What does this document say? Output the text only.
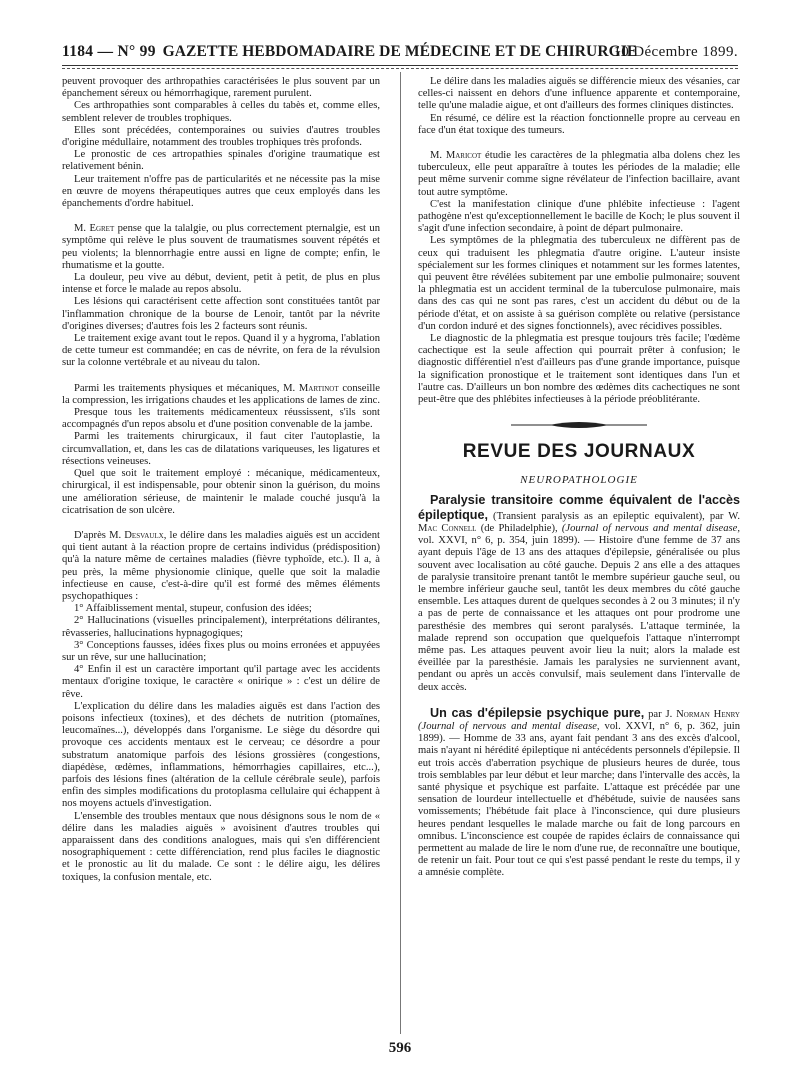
1184 — N° 99 GAZETTE HEBDOMADAIRE DE MÉDECINE ET DE CHIRURGIE
10 Décembre 1899.

peuvent provoquer des arthropathies caractérisées le plus souvent par un épanchement séreux ou hémorrhagique, rarement purulent.

Ces arthropathies sont comparables à celles du tabès et, comme elles, semblent relever de troubles trophiques.

Elles sont précédées, contemporaines ou suivies d'autres troubles d'origine médullaire, notamment des troubles trophiques très profonds.

Le pronostic de ces artropathies spinales d'origine traumatique est relativement bénin.

Leur traitement n'offre pas de particularités et ne nécessite pas la mise en œuvre de moyens thérapeutiques autres que ceux employés dans les épanchements d'ordre habituel.

M. Egret pense que la talalgie, ou plus correctement pternalgie, est un symptôme qui relève le plus souvent de traumatismes souvent répétés et peu violents; la blennorrhagie entre aussi en ligne de compte; enfin, le rhumatisme et la goutte.

La douleur, peu vive au début, devient, petit à petit, de plus en plus intense et force le malade au repos absolu.

Les lésions qui caractérisent cette affection sont constituées tantôt par l'inflammation chronique de la bourse de Lenoir, tantôt par la névrite d'origines diverses; d'autres fois les 2 facteurs sont réunis.

Le traitement exige avant tout le repos. Quand il y a hygroma, l'ablation de cette tumeur est commandée; en cas de névrite, on fera de la révulsion sur la colonne vertébrale et au niveau du talon.

Parmi les traitements physiques et mécaniques, M. Martinot conseille la compression, les irrigations chaudes et les applications de lames de zinc.

Presque tous les traitements médicamenteux réussissent, s'ils sont accompagnés d'un repos absolu et d'une position convenable de la jambe.

Parmi les traitements chirurgicaux, il faut citer l'autoplastie, la circumvallation, et, dans les cas de dilatations variqueuses, les ligatures et résections veineuses.

Quel que soit le traitement employé : mécanique, médicamenteux, chirurgical, il est indispensable, pour obtenir sinon la guérison, du moins une amélioration sérieuse, de maintenir le malade couché jusqu'à la cicatrisation de son ulcère.

D'après M. Desvaulx, le délire dans les maladies aiguës est un accident qui tient autant à la réaction propre de certains individus (prédisposition) qu'à la nature même de certaines maladies (fièvre typhoïde, etc.). Il a, à peu près, la même physionomie clinique, quelle que soit la maladie infectieuse en cause, c'est-à-dire qu'il est formé des mêmes éléments psychopathiques :

1° Affaiblissement mental, stupeur, confusion des idées;

2° Hallucinations (visuelles principalement), interprétations délirantes, rêvasseries, hallucinations hypnagogiques;

3° Conceptions fausses, idées fixes plus ou moins erronées et appuyées sur un rêve, sur une hallucination;

4° Enfin il est un caractère important qu'il partage avec les accidents mentaux d'origine toxique, le caractère « onirique » : c'est un délire de rêve.

L'explication du délire dans les maladies aiguës est dans l'action des poisons infectieux (toxines), et des déchets de nutrition (ptomaïnes, leucomaïnes...), développés dans l'organisme. Le siège du désordre qui provoque ces accidents mentaux est le cerveau; ce désordre a pour substratum anatomique parfois des lésions grossières (congestions, diapédèse, œdèmes, inflammations, hémorrhagies capillaires, etc...), parfois des lésions fines (altération de la cellule cérébrale seule), parfois enfin des simples modifications du protoplasma cellulaire qui échappent à nos moyens actuels d'investigation.

L'ensemble des troubles mentaux que nous désignons sous le nom de « délire dans les maladies aiguës » avoisinent d'autres troubles qui apparaissent dans des conditions analogues, mais qui s'en différencient nosographiquement : cette différenciation, rend plus faciles le diagnostic et le pronostic au lit du malade. Ce sont : le délire aigu, les délires toxiques, la confusion mentale, etc.

Le délire dans les maladies aiguës se différencie mieux des vésanies, car celles-ci naissent en dehors d'une influence apparente et contemporaine, telle qu'une maladie aigue, et ont d'ailleurs des formes cliniques distinctes.

En résumé, ce délire est la réaction fonctionnelle propre au cerveau en face d'un état toxique des tumeurs.

M. Maricot étudie les caractères de la phlegmatia alba dolens chez les tuberculeux, elle peut apparaître à toutes les périodes de la maladie; elle peut même survenir comme signe révélateur de l'infection bacillaire, avant tout autre symptôme.

C'est la manifestation clinique d'une phlébite infectieuse : l'agent pathogène n'est qu'exceptionnellement le bacille de Koch; le plus souvent il s'agit d'une infection secondaire, à point de départ pulmonaire.

Les symptômes de la phlegmatia des tuberculeux ne diffèrent pas de ceux qui traduisent les phlegmatia d'autre origine. L'auteur insiste spécialement sur les formes cliniques et notamment sur les formes latentes, qui peuvent être révélées subitement par une embolie pulmonaire; souvent la phlegmatia est un accident terminal de la tuberculose pulmonaire, mais dans des cas qui ne sont pas rares, c'est un accident du début ou de la période d'état, et on assiste à sa guérison complète ou relative (persistance d'un cordon induré et des signes fonctionnels), avec récidives possibles.

Le diagnostic de la phlegmatia est presque toujours très facile; l'œdème cachectique est la seule affection qui pourrait prêter à confusion; le diagnostic différentiel n'est d'ailleurs pas d'une grande importance, puisque la signification pronostique et le traitement sont identiques dans l'un et l'autre cas. D'ailleurs un bon nombre des œdèmes dits cachectiques ne sont peut-être que des phlébites infectieuses à la période préoblitérante.

REVUE DES JOURNAUX
NEUROPATHOLOGIE

Paralysie transitoire comme équivalent de l'accès épileptique, (Transient paralysis as an epileptic equivalent), par W. Mac Connell (de Philadelphie), (Journal of nervous and mental disease, vol. XXVI, n° 6, p. 354, juin 1899). — Histoire d'une femme de 37 ans ayant depuis l'âge de 13 ans des attaques d'épilepsie, généralisée ou plus souvent avec localisation au côté gauche. Depuis 2 ans elle a des attaques de paralysie transitoire prenant tantôt le membre supérieur gauche seul, ou le membre inférieur gauche seul, tantôt les deux membres du côté gauche ensemble. Les attaques durent de quelques secondes à 2 ou 3 minutes; il n'y a pas de perte de connaissance et les attaques ont pour prodrome une paresthésie des membres qui seront paralysés. L'attaque terminée, la malade reprend son occupation que quelquefois l'attaque n'interrompt même pas. Les attaques peuvent avoir lieu la nuit; alors la malade est éveillée par la paresthésie. Jamais les paralysies ne surviennent avant, pendant ou après un accès convulsif, mais seulement dans l'intervalle de deux accès.

Un cas d'épilepsie psychique pure, par J. Norman Henry (Journal of nervous and mental disease, vol. XXVI, n° 6, p. 362, juin 1899). — Homme de 33 ans, ayant fait pendant 3 ans des excès d'alcool, mais n'ayant ni hérédité épileptique ni antécédents personnels d'épilepsie. Il eut trois accès d'aberration psychique de plusieurs heures de durée, tous trois semblables par leur début et leur marche; dans l'intervalle des accès, la santé physique et psychique est parfaite. L'attaque est précédée par une sensation de lourdeur intellectuelle et d'hébétude, suivie de nausées sans vomissements; l'hébétude fait place à l'inconscience, qui dure plusieurs heures pendant lesquelles le malade marche ou fait de long parcours en omnibus. L'inconscience est coupée de rapides éclairs de connaissance qui permettent au malade de lire le nom d'une rue, de reconnaître une boutique, de retenir un fait. Pour tout ce qui s'est passé pendant le reste du temps, il y a amnésie complète.

596
